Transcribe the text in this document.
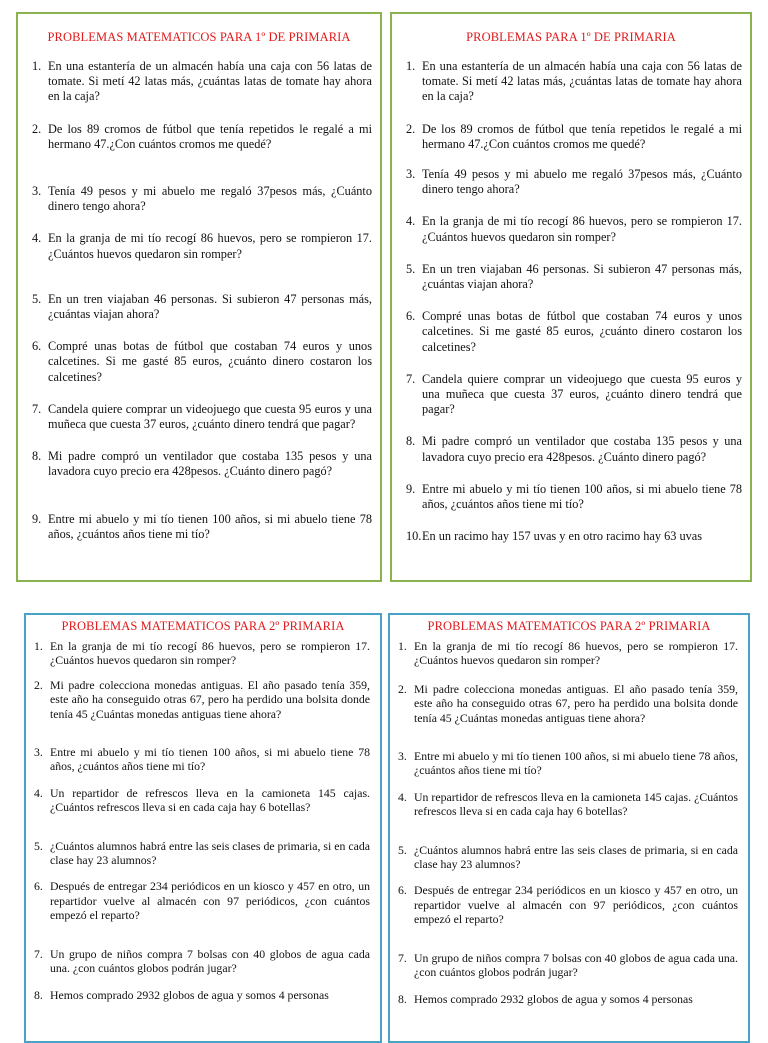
PROBLEMAS MATEMATICOS PARA 1º DE PRIMARIA
1. En una estantería de un almacén había una caja con 56 latas de tomate. Si metí 42 latas más, ¿cuántas latas de tomate hay ahora en la caja?
2. De los 89 cromos de fútbol que tenía repetidos le regalé a mi hermano 47.¿Con cuántos cromos me quedé?
3. Tenía 49 pesos y mi abuelo me regaló 37pesos más, ¿Cuánto dinero tengo ahora?
4. En la granja de mi tío recogí 86 huevos, pero se rompieron 17. ¿Cuántos huevos quedaron sin romper?
5. En un tren viajaban 46 personas. Si subieron 47 personas más, ¿cuántas viajan ahora?
6. Compré unas botas de fútbol que costaban 74 euros y unos calcetines. Si me gasté 85 euros, ¿cuánto dinero costaron los calcetines?
7. Candela quiere comprar un videojuego que cuesta 95 euros y una muñeca que cuesta 37 euros, ¿cuánto dinero tendrá que pagar?
8. Mi padre compró un ventilador que costaba 135 pesos y una lavadora cuyo precio era 428pesos. ¿Cuánto dinero pagó?
9. Entre mi abuelo y mi tío tienen 100 años, si mi abuelo tiene 78 años, ¿cuántos años tiene mi tío?
PROBLEMAS PARA 1º DE PRIMARIA
1. En una estantería de un almacén había una caja con 56 latas de tomate. Si metí 42 latas más, ¿cuántas latas de tomate hay ahora en la caja?
2. De los 89 cromos de fútbol que tenía repetidos le regalé a mi hermano 47.¿Con cuántos cromos me quedé?
3. Tenía 49 pesos y mi abuelo me regaló 37pesos más, ¿Cuánto dinero tengo ahora?
4. En la granja de mi tío recogí 86 huevos, pero se rompieron 17. ¿Cuántos huevos quedaron sin romper?
5. En un tren viajaban 46 personas. Si subieron 47 personas más, ¿cuántas viajan ahora?
6. Compré unas botas de fútbol que costaban 74 euros y unos calcetines. Si me gasté 85 euros, ¿cuánto dinero costaron los calcetines?
7. Candela quiere comprar un videojuego que cuesta 95 euros y una muñeca que cuesta 37 euros, ¿cuánto dinero tendrá que pagar?
8. Mi padre compró un ventilador que costaba 135 pesos y una lavadora cuyo precio era 428pesos. ¿Cuánto dinero pagó?
9. Entre mi abuelo y mi tío tienen 100 años, si mi abuelo tiene 78 años, ¿cuántos años tiene mi tío?
10. En un racimo hay 157 uvas y en otro racimo hay 63 uvas
PROBLEMAS MATEMATICOS PARA 2º PRIMARIA
1. En la granja de mi tío recogí 86 huevos, pero se rompieron 17. ¿Cuántos huevos quedaron sin romper?
2. Mi padre colecciona monedas antiguas. El año pasado tenía 359, este año ha conseguido otras 67, pero ha perdido una bolsita donde tenía 45 ¿Cuántas monedas antiguas tiene ahora?
3. Entre mi abuelo y mi tío tienen 100 años, si mi abuelo tiene 78 años, ¿cuántos años tiene mi tío?
4. Un repartidor de refrescos lleva en la camioneta 145 cajas. ¿Cuántos refrescos lleva si en cada caja hay 6 botellas?
5. ¿Cuántos alumnos habrá entre las seis clases de primaria, si en cada clase hay 23 alumnos?
6. Después de entregar 234 periódicos en un kiosco y 457 en otro, un repartidor vuelve al almacén con 97 periódicos, ¿con cuántos empezó el reparto?
7. Un grupo de niños compra 7 bolsas con 40 globos de agua cada una. ¿con cuántos globos podrán jugar?
8. Hemos comprado 2932 globos de agua y somos 4 personas
PROBLEMAS MATEMATICOS PARA 2º PRIMARIA
1. En la granja de mi tío recogí 86 huevos, pero se rompieron 17. ¿Cuántos huevos quedaron sin romper?
2. Mi padre colecciona monedas antiguas. El año pasado tenía 359, este año ha conseguido otras 67, pero ha perdido una bolsita donde tenía 45 ¿Cuántas monedas antiguas tiene ahora?
3. Entre mi abuelo y mi tío tienen 100 años, si mi abuelo tiene 78 años, ¿cuántos años tiene mi tío?
4. Un repartidor de refrescos lleva en la camioneta 145 cajas. ¿Cuántos refrescos lleva si en cada caja hay 6 botellas?
5. ¿Cuántos alumnos habrá entre las seis clases de primaria, si en cada clase hay 23 alumnos?
6. Después de entregar 234 periódicos en un kiosco y 457 en otro, un repartidor vuelve al almacén con 97 periódicos, ¿con cuántos empezó el reparto?
7. Un grupo de niños compra 7 bolsas con 40 globos de agua cada una. ¿con cuántos globos podrán jugar?
8. Hemos comprado 2932 globos de agua y somos 4 personas
